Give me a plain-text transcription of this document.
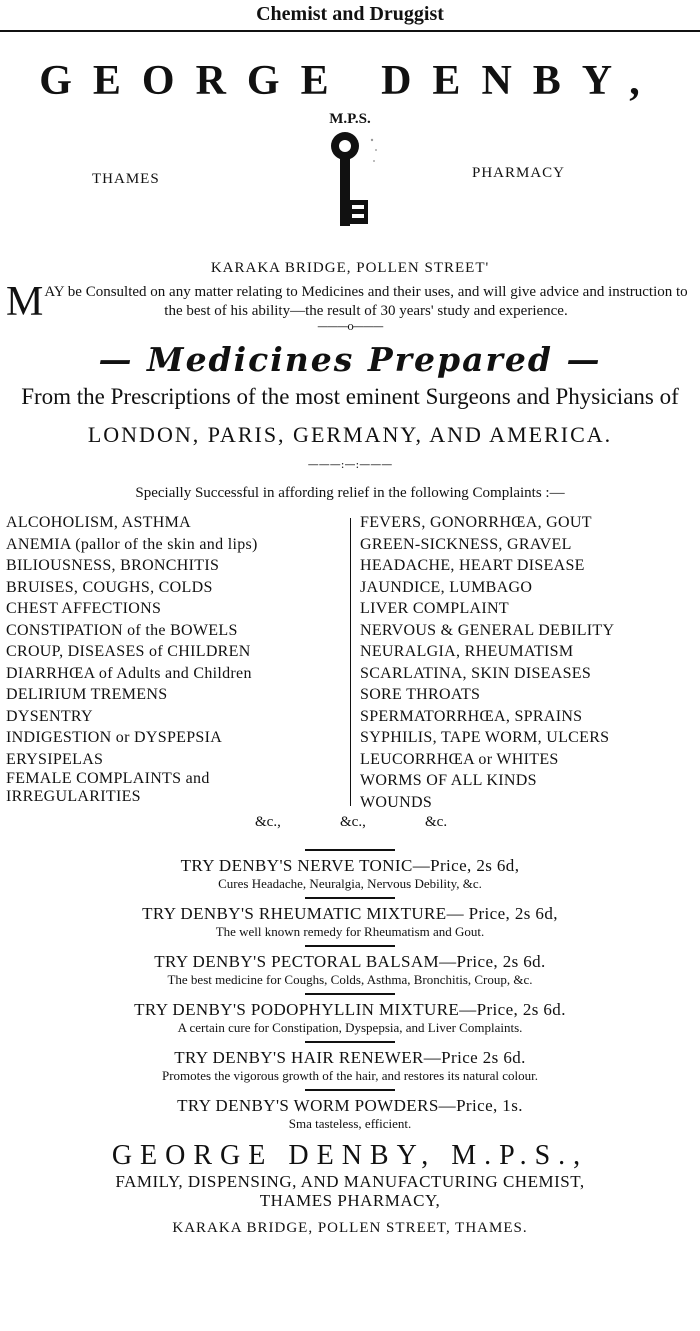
Chemist and Druggist
GEORGE DENBY,
M.P.S.
THAMES	PHARMACY
KARAKA BRIDGE, POLLEN STREET'
M AY be Consulted on any matter relating to Medicines and their uses, and will give advice and instruction to the best of his ability—the result of 30 years' study and experience.
———o———
— Medicines Prepared —
From the Prescriptions of the most eminent Surgeons and Physicians of
LONDON, PARIS, GERMANY, AND AMERICA.
———:—:———
Specially Successful in affording relief in the following Complaints :—
ALCOHOLISM, ASTHMA
ANEMIA (pallor of the skin and lips)
BILIOUSNESS, BRONCHITIS
BRUISES, COUGHS, COLDS
CHEST AFFECTIONS
CONSTIPATION of the BOWELS
CROUP, DISEASES of CHILDREN
DIARRHŒA of Adults and Children
DELIRIUM TREMENS
DYSENTRY
INDIGESTION or DYSPEPSIA
ERYSIPELAS
FEMALE COMPLAINTS and IRREGULARITIES
FEVERS, GONORRHŒA, GOUT
GREEN-SICKNESS, GRAVEL
HEADACHE, HEART DISEASE
JAUNDICE, LUMBAGO
LIVER COMPLAINT
NERVOUS & GENERAL DEBILITY
NEURALGIA, RHEUMATISM
SCARLATINA, SKIN DISEASES
SORE THROATS
SPERMATORRHŒA, SPRAINS
SYPHILIS, TAPE WORM, ULCERS
LEUCORRHŒA or WHITES
WORMS OF ALL KINDS
WOUNDS
&c.,	&c.,	&c.
TRY DENBY'S NERVE TONIC—Price, 2s 6d,
Cures Headache, Neuralgia, Nervous Debility, &c.
TRY DENBY'S RHEUMATIC MIXTURE— Price, 2s 6d,
The well known remedy for Rheumatism and Gout.
TRY DENBY'S PECTORAL BALSAM—Price, 2s 6d.
The best medicine for Coughs, Colds, Asthma, Bronchitis, Croup, &c.
TRY DENBY'S PODOPHYLLIN MIXTURE—Price, 2s 6d.
A certain cure for Constipation, Dyspepsia, and Liver Complaints.
TRY DENBY'S HAIR RENEWER—Price 2s 6d.
Promotes the vigorous growth of the hair, and restores its natural colour.
TRY DENBY'S WORM POWDERS—Price, 1s.
Sma tasteless, efficient.
GEORGE DENBY, M.P.S.,
FAMILY, DISPENSING, AND MANUFACTURING CHEMIST,
THAMES PHARMACY,
KARAKA BRIDGE, POLLEN STREET, THAMES.
